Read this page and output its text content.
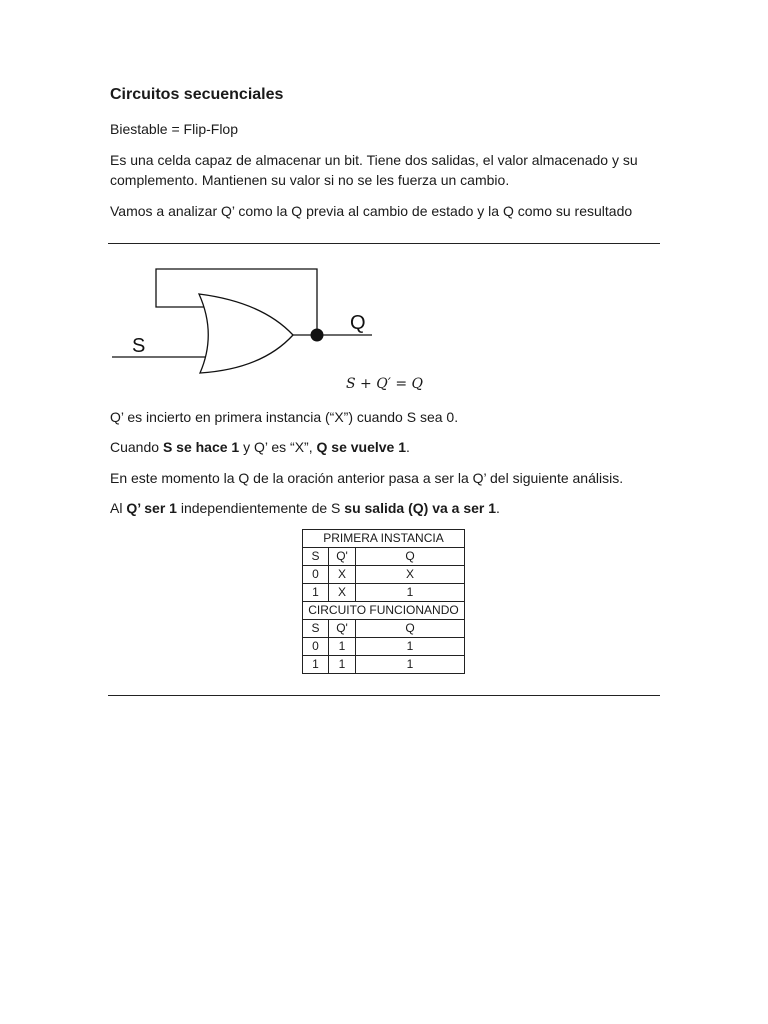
Circuitos secuenciales

Biestable = Flip-Flop

Es una celda capaz de almacenar un bit. Tiene dos salidas, el valor almacenado y su complemento. Mantienen su valor si no se les fuerza un cambio.

Vamos a analizar Q’ como la Q previa al cambio de estado y la Q como su resultado

Q’ es incierto en primera instancia (“X”) cuando S sea 0.

Cuando S se hace 1 y Q’ es “X”, Q se vuelve 1.

En este momento la Q de la oración anterior pasa a ser la Q’ del siguiente análisis.

Al Q’ ser 1 independientemente de S su salida (Q) va a ser 1.

S
Q
S + Q′ = Q
PRIMERA INSTANCIA		
S	Q'	Q
0	X	X
1	X	1
CIRCUITO FUNCIONANDO		
S	Q'	Q
0	1	1
1	1	1
